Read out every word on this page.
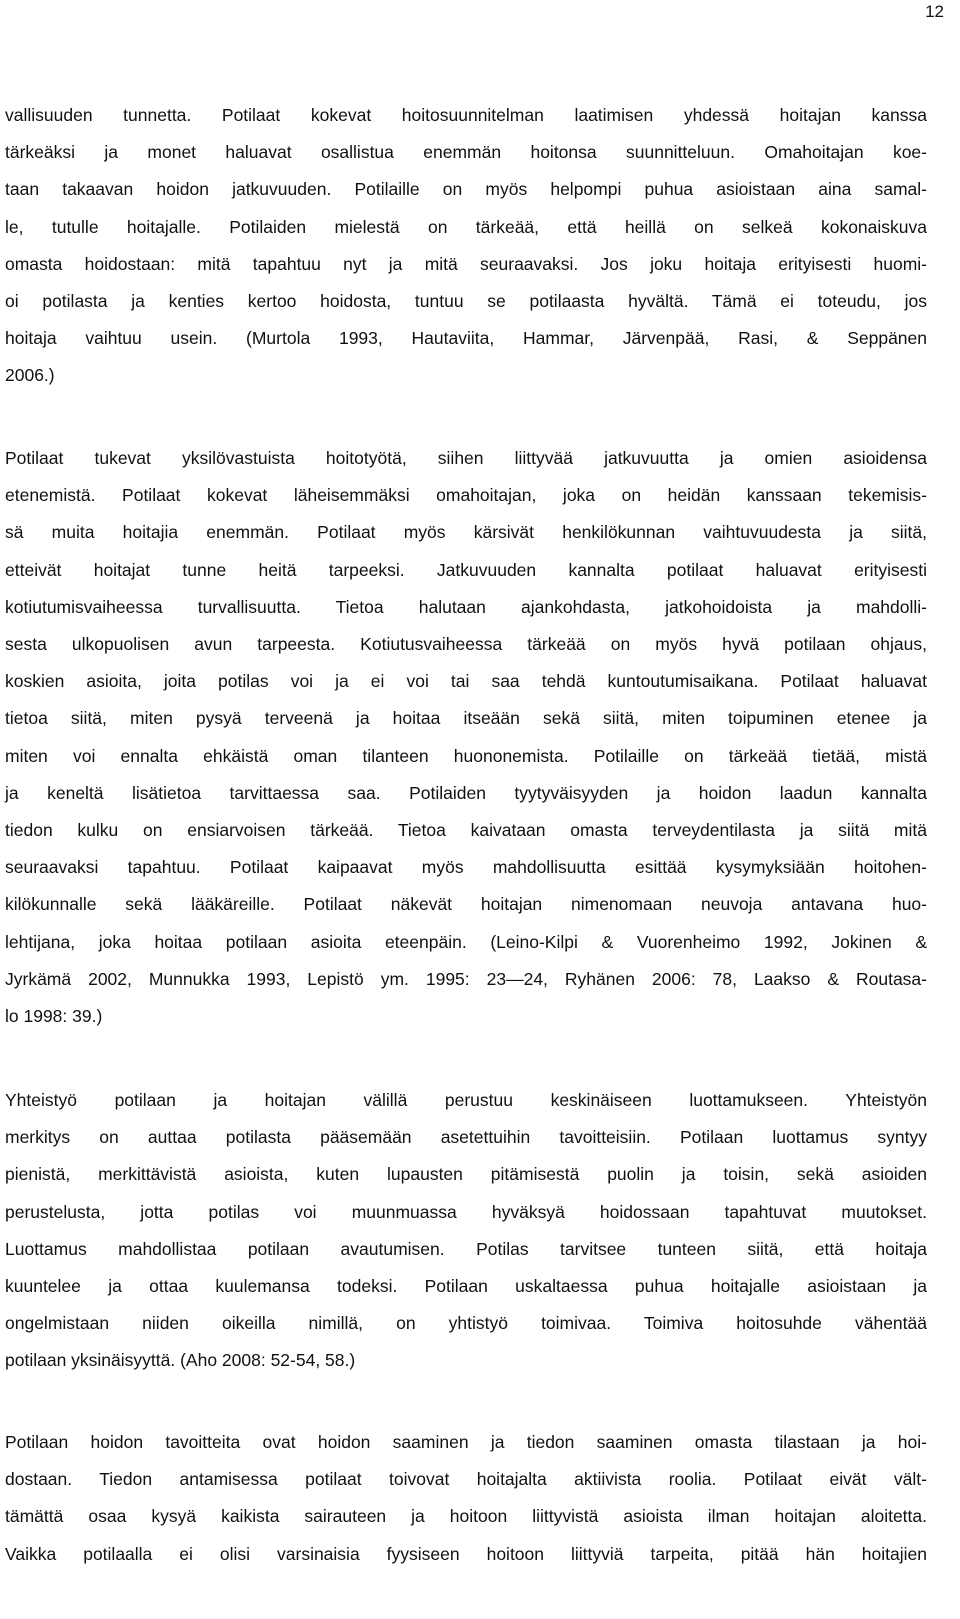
12

vallisuuden tunnetta. Potilaat kokevat hoitosuunnitelman laatimisen yhdessä hoitajan kanssa
tärkeäksi ja monet haluavat osallistua enemmän hoitonsa suunnitteluun. Omahoitajan koe-
taan takaavan hoidon jatkuvuuden. Potilaille on myös helpompi puhua asioistaan aina samal-
le, tutulle hoitajalle. Potilaiden mielestä on tärkeää, että heillä on selkeä kokonaiskuva
omasta hoidostaan: mitä tapahtuu nyt ja mitä seuraavaksi. Jos joku hoitaja erityisesti huomi-
oi potilasta ja kenties kertoo hoidosta, tuntuu se potilaasta hyvältä. Tämä ei toteudu, jos
hoitaja vaihtuu usein. (Murtola 1993, Hautaviita, Hammar, Järvenpää, Rasi, & Seppänen
2006.)

Potilaat tukevat yksilövastuista hoitotyötä, siihen liittyvää jatkuvuutta ja omien asioidensa
etenemistä. Potilaat kokevat läheisemmäksi omahoitajan, joka on heidän kanssaan tekemisis-
sä muita hoitajia enemmän. Potilaat myös kärsivät henkilökunnan vaihtuvuudesta ja siitä,
etteivät hoitajat tunne heitä tarpeeksi. Jatkuvuuden kannalta potilaat haluavat erityisesti
kotiutumisvaiheessa turvallisuutta. Tietoa halutaan ajankohdasta, jatkohoidoista ja mahdolli-
sesta ulkopuolisen avun tarpeesta. Kotiutusvaiheessa tärkeää on myös hyvä potilaan ohjaus,
koskien asioita, joita potilas voi ja ei voi tai saa tehdä kuntoutumisaikana. Potilaat haluavat
tietoa siitä, miten pysyä terveenä ja hoitaa itseään sekä siitä, miten toipuminen etenee ja
miten voi ennalta ehkäistä oman tilanteen huononemista. Potilaille on tärkeää tietää, mistä
ja keneltä lisätietoa tarvittaessa saa. Potilaiden tyytyväisyyden ja hoidon laadun kannalta
tiedon kulku on ensiarvoisen tärkeää. Tietoa kaivataan omasta terveydentilasta ja siitä mitä
seuraavaksi tapahtuu. Potilaat kaipaavat myös mahdollisuutta esittää kysymyksiään hoitohen-
kilökunnalle sekä lääkäreille. Potilaat näkevät hoitajan nimenomaan neuvoja antavana huo-
lehtijana, joka hoitaa potilaan asioita eteenpäin. (Leino-Kilpi & Vuorenheimo 1992, Jokinen &
Jyrkämä 2002, Munnukka 1993, Lepistö ym. 1995: 23—24, Ryhänen 2006: 78, Laakso & Routasa-
lo 1998: 39.)

Yhteistyö potilaan ja hoitajan välillä perustuu keskinäiseen luottamukseen. Yhteistyön
merkitys on auttaa potilasta pääsemään asetettuihin tavoitteisiin. Potilaan luottamus syntyy
pienistä, merkittävistä asioista, kuten lupausten pitämisestä puolin ja toisin, sekä asioiden
perustelusta, jotta potilas voi muunmuassa hyväksyä hoidossaan tapahtuvat muutokset.
Luottamus mahdollistaa potilaan avautumisen. Potilas tarvitsee tunteen siitä, että hoitaja
kuuntelee ja ottaa kuulemansa todeksi. Potilaan uskaltaessa puhua hoitajalle asioistaan ja
ongelmistaan niiden oikeilla nimillä, on yhtistyö toimivaa. Toimiva hoitosuhde vähentää
potilaan yksinäisyyttä. (Aho 2008: 52-54, 58.)

Potilaan hoidon tavoitteita ovat hoidon saaminen ja tiedon saaminen omasta tilastaan ja hoi-
dostaan. Tiedon antamisessa potilaat toivovat hoitajalta aktiivista roolia. Potilaat eivät vält-
tämättä osaa kysyä kaikista sairauteen ja hoitoon liittyvistä asioista ilman hoitajan aloitetta.
Vaikka potilaalla ei olisi varsinaisia fyysiseen hoitoon liittyviä tarpeita, pitää hän hoitajien
